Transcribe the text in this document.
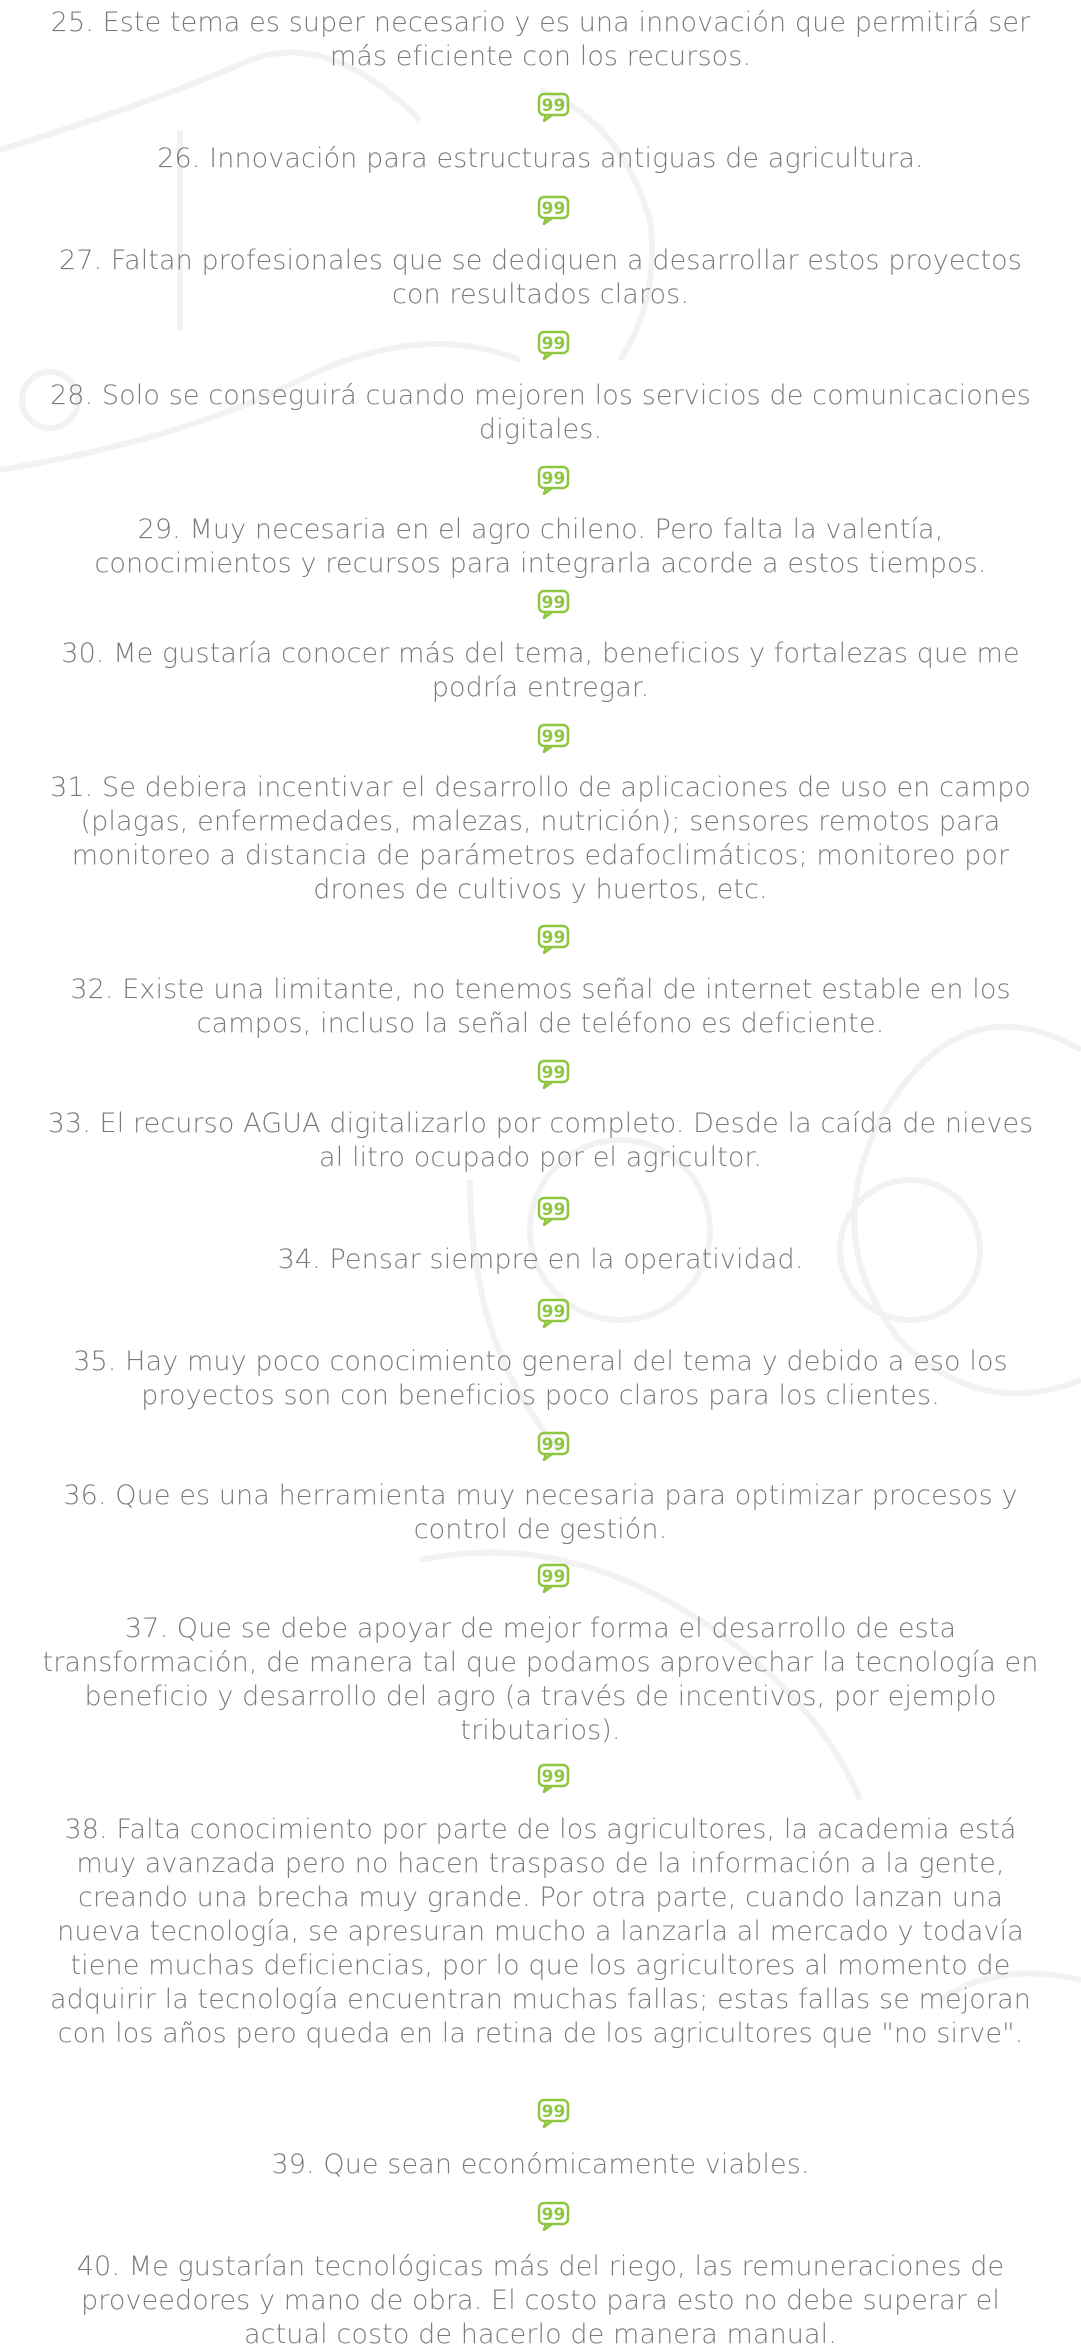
25. Este tema es super necesario y es una innovación que permitirá ser más eficiente con los recursos.

99

26. Innovación para estructuras antiguas de agricultura.

99

27. Faltan profesionales que se dediquen a desarrollar estos proyectos con resultados claros.

99

28. Solo se conseguirá cuando mejoren los servicios de comunicaciones digitales.

99

29. Muy necesaria en el agro chileno. Pero falta la valentía, conocimientos y recursos para integrarla acorde a estos tiempos.

99

30. Me gustaría conocer más del tema, beneficios y fortalezas que me podría entregar.

99

31. Se debiera incentivar el desarrollo de aplicaciones de uso en campo (plagas, enfermedades, malezas, nutrición); sensores remotos para monitoreo a distancia de parámetros edafoclimáticos; monitoreo por drones de cultivos y huertos, etc.

99

32. Existe una limitante, no tenemos señal de internet estable en los campos, incluso la señal de teléfono es deficiente.

99

33. El recurso AGUA digitalizarlo por completo. Desde la caída de nieves al litro ocupado por el agricultor.

99

34. Pensar siempre en la operatividad.

99

35. Hay muy poco conocimiento general del tema y debido a eso los proyectos son con beneficios poco claros para los clientes.

99

36. Que es una herramienta muy necesaria para optimizar procesos y control de gestión.

99

37. Que se debe apoyar de mejor forma el desarrollo de esta transformación, de manera tal que podamos aprovechar la tecnología en beneficio y desarrollo del agro (a través de incentivos, por ejemplo tributarios).

99

38. Falta conocimiento por parte de los agricultores, la academia está muy avanzada pero no hacen traspaso de la información a la gente, creando una brecha muy grande. Por otra parte, cuando lanzan una nueva tecnología, se apresuran mucho a lanzarla al mercado y todavía tiene muchas deficiencias, por lo que los agricultores al momento de adquirir la tecnología encuentran muchas fallas; estas fallas se mejoran con los años pero queda en la retina de los agricultores que "no sirve".

99

39. Que sean económicamente viables.

99

40. Me gustarían tecnológicas más del riego, las remuneraciones de proveedores y mano de obra. El costo para esto no debe superar el actual costo de hacerlo de manera manual.
